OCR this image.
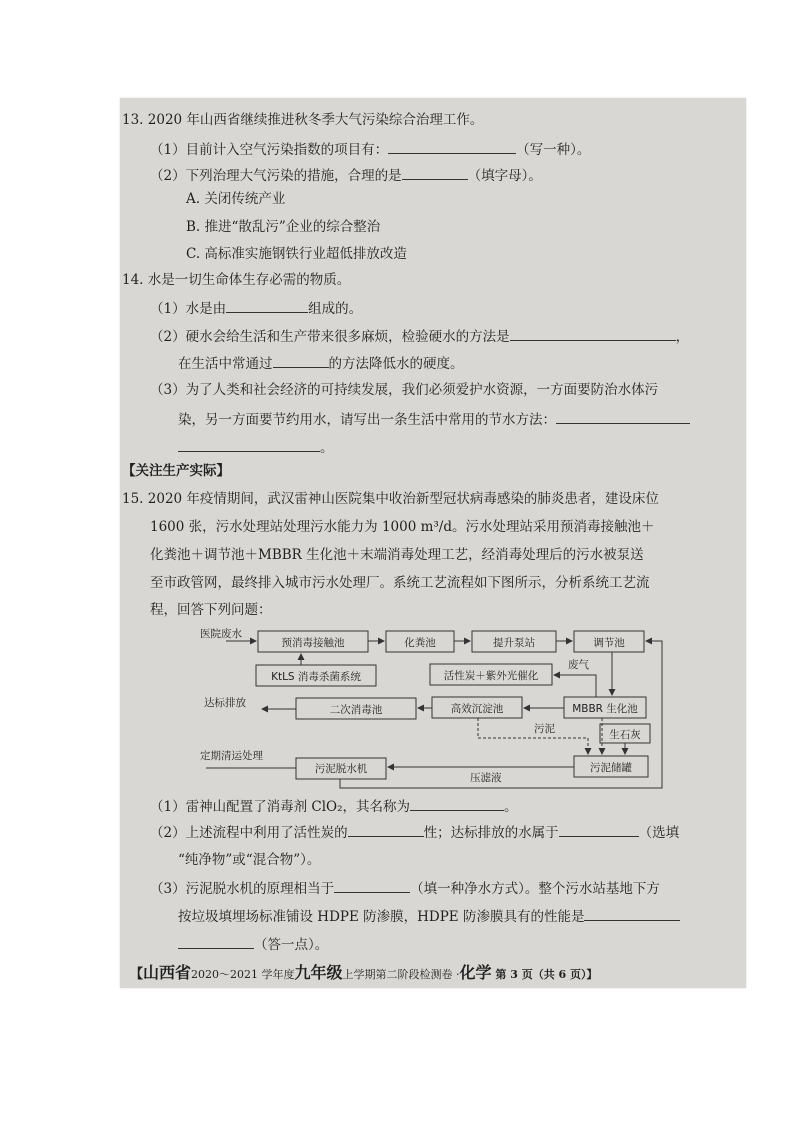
13. 2020 年山西省继续推进秋冬季大气污染综合治理工作。
（1）目前计入空气污染指数的项目有：	（写一种）。
（2）下列治理大气污染的措施，合理的是	（填字母）。
A. 关闭传统产业
B. 推进“散乱污”企业的综合整治
C. 高标准实施钢铁行业超低排放改造
14. 水是一切生命体生存必需的物质。
（1）水是由	组成的。
（2）硬水会给生活和生产带来很多麻烦，检验硬水的方法是	，
在生活中常通过	的方法降低水的硬度。
（3）为了人类和社会经济的可持续发展，我们必须爱护水资源，一方面要防治水体污
染，另一方面要节约用水，请写出一条生活中常用的节水方法：
。
【关注生产实际】
15. 2020 年疫情期间，武汉雷神山医院集中收治新型冠状病毒感染的肺炎患者，建设床位
1600 张，污水处理站处理污水能力为 1000 m³/d。污水处理站采用预消毒接触池＋
化粪池＋调节池＋MBBR 生化池＋末端消毒处理工艺，经消毒处理后的污水被泵送
至市政管网，最终排入城市污水处理厂。系统工艺流程如下图所示，分析系统工艺流
程，回答下列问题：
医院废水
预消毒接触池	化粪池	提升泵站	调节池
KtLS 消毒杀菌系统	活性炭＋紫外光催化
废气
达标排放
二次消毒池	高效沉淀池	MBBR 生化池
污泥	生石灰
定期清运处理
污泥脱水机	污泥储罐
压滤液
（1）雷神山配置了消毒剂 ClO₂，其名称为	。
（2）上述流程中利用了活性炭的	性；达标排放的水属于	（选填
“纯净物”或“混合物”）。
（3）污泥脱水机的原理相当于	（填一种净水方式）。整个污水站基地下方
按垃圾填埋场标准铺设 HDPE 防渗膜，HDPE 防渗膜具有的性能是
（答一点）。
【山西省2020～2021 学年度九年级上学期第二阶段检测卷 ·化学 第 3 页（共 6 页）】
